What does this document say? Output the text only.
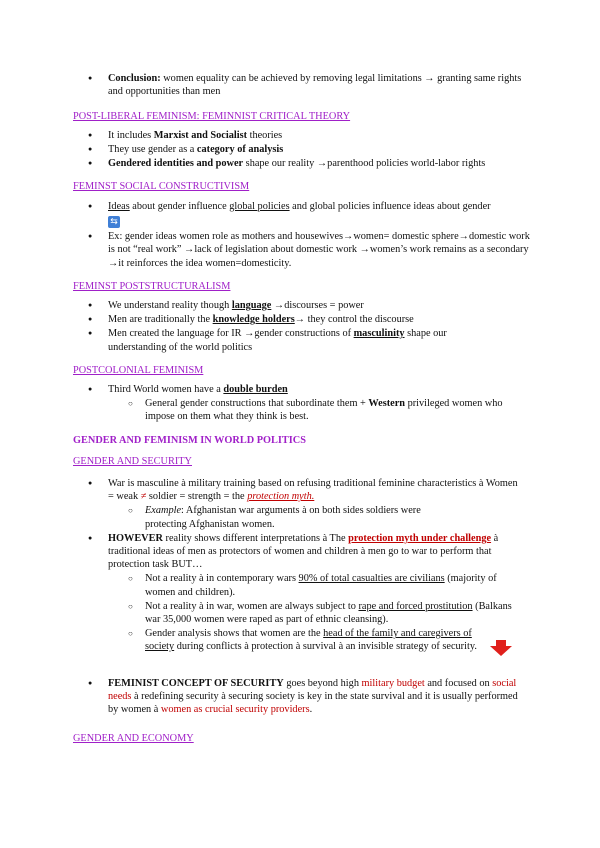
● Conclusion: women equality can be achieved by removing legal limitations → granting same rights and opportunities than men
POST-LIBERAL FEMINISM: FEMINNIST CRITICAL THEORY
● It includes Marxist and Socialist theories
● They use gender as a category of analysis
● Gendered identities and power shape our reality →parenthood policies world-labor rights
FEMINST SOCIAL CONSTRUCTIVISM
● Ideas about gender influence global policies and global policies influence ideas about gender
⇆
● Ex: gender ideas women role as mothers and housewives→women= domestic sphere→domestic work is not “real work” →lack of legislation about domestic work →women’s work remains as a secondary →it reinforces the idea women=domesticity.
FEMINST POSTSTRUCTURALISM
● We understand reality though language →discourses = power
● Men are traditionally the knowledge holders→ they control the discourse
● Men created the language for IR →gender constructions of masculinity shape our understanding of the world politics
POSTCOLONIAL FEMINISM
● Third World women have a double burden
○ General gender constructions that subordinate them + Western privileged women who impose on them what they think is best.
GENDER AND FEMINISM IN WORLD POLITICS
GENDER AND SECURITY
● War is masculine à military training based on refusing traditional feminine characteristics à Women = weak ≠ soldier = strength = the protection myth.
○ Example: Afghanistan war arguments à on both sides soldiers were protecting Afghanistan women.
● HOWEVER reality shows different interpretations à The protection myth under challenge à traditional ideas of men as protectors of women and children à men go to war to perform that protection task BUT…
○ Not a reality à in contemporary wars 90% of total casualties are civilians (majority of women and children).
○ Not a reality à in war, women are always subject to rape and forced prostitution (Balkans war 35,000 women were raped as part of ethnic cleansing).
○ Gender analysis shows that women are the head of the family and caregivers of society during conflicts à protection à survival à an invisible strategy of security.
● FEMINIST CONCEPT OF SECURITY goes beyond high military budget and focused on social needs à redefining security à securing society is key in the state survival and it is usually performed by women à women as crucial security providers.
GENDER AND ECONOMY
